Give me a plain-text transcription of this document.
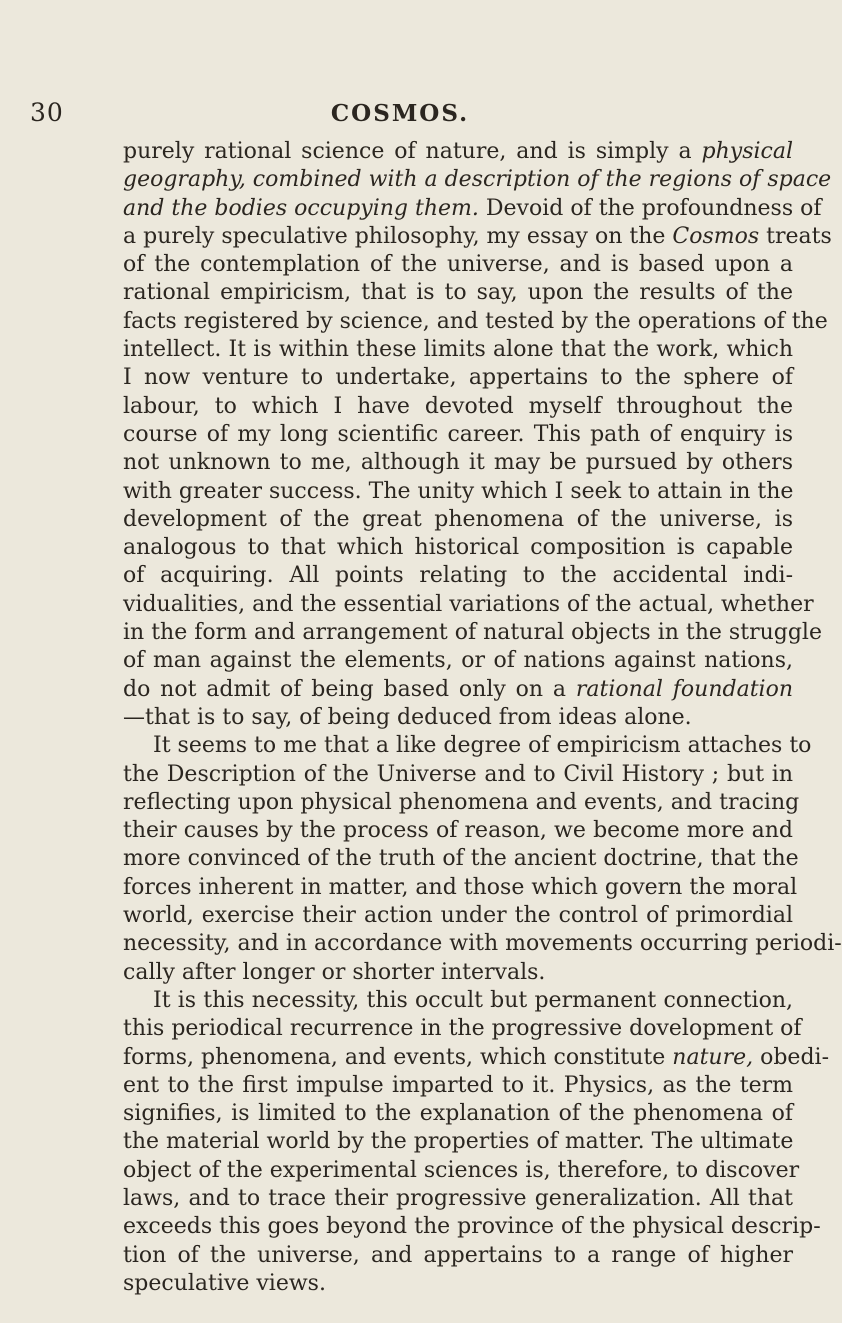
30	COSMOS.
purely rational science of nature, and is simply a physical
geography, combined with a description of the regions of space
and the bodies occupying them. Devoid of the profoundness of
a purely speculative philosophy, my essay on the Cosmos treats
of the contemplation of the universe, and is based upon a
rational empiricism, that is to say, upon the results of the
facts registered by science, and tested by the operations of the
intellect. It is within these limits alone that the work, which
I now venture to undertake, appertains to the sphere of
labour, to which I have devoted myself throughout the
course of my long scientific career. This path of enquiry is
not unknown to me, although it may be pursued by others
with greater success. The unity which I seek to attain in the
development of the great phenomena of the universe, is
analogous to that which historical composition is capable
of acquiring. All points relating to the accidental indi-
vidualities, and the essential variations of the actual, whether
in the form and arrangement of natural objects in the struggle
of man against the elements, or of nations against nations,
do not admit of being based only on a rational foundation
—that is to say, of being deduced from ideas alone.
It seems to me that a like degree of empiricism attaches to
the Description of the Universe and to Civil History ; but in
reflecting upon physical phenomena and events, and tracing
their causes by the process of reason, we become more and
more convinced of the truth of the ancient doctrine, that the
forces inherent in matter, and those which govern the moral
world, exercise their action under the control of primordial
necessity, and in accordance with movements occurring periodi-
cally after longer or shorter intervals.
It is this necessity, this occult but permanent connection,
this periodical recurrence in the progressive dovelopment of
forms, phenomena, and events, which constitute nature, obedi-
ent to the first impulse imparted to it. Physics, as the term
signifies, is limited to the explanation of the phenomena of
the material world by the properties of matter. The ultimate
object of the experimental sciences is, therefore, to discover
laws, and to trace their progressive generalization. All that
exceeds this goes beyond the province of the physical descrip-
tion of the universe, and appertains to a range of higher
speculative views.
